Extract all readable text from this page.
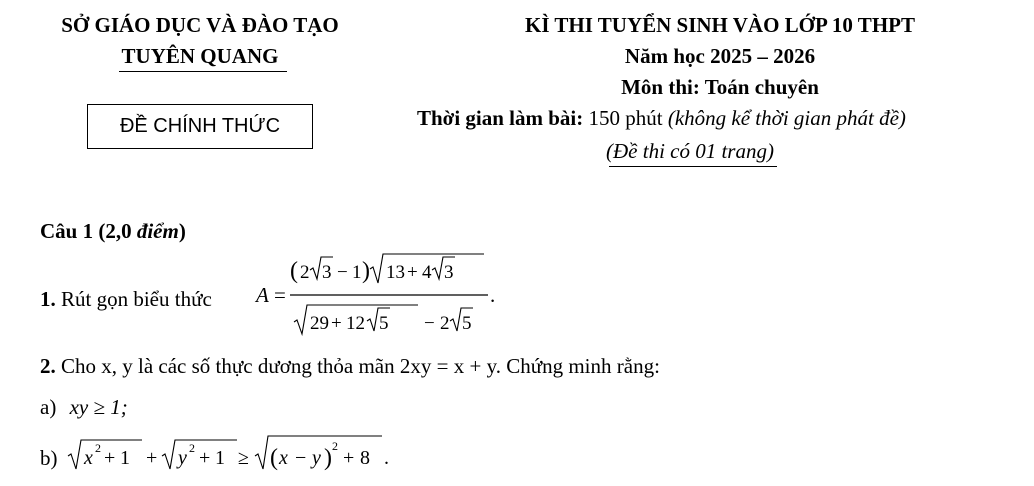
SỞ GIÁO DỤC VÀ ĐÀO TẠO
TUYÊN QUANG
ĐỀ CHÍNH THỨC
KÌ THI TUYỂN SINH VÀO LỚP 10 THPT
Năm học 2025 – 2026
Môn thi: Toán chuyên
Thời gian làm bài: 150 phút (không kể thời gian phát đề)
(Đề thi có 01 trang)
Câu 1 (2,0 điểm)
1. Rút gọn biểu thức A =
( 2 3 − 1 ) 13 + 4 3
29 + 12 5 − 2 5
.
2. Cho x, y là các số thực dương thỏa mãn 2xy = x + y. Chứng minh rằng:
a) xy ≥ 1;
b) x 2 + 1 + y 2 + 1 ≥ ( x − y ) 2
+ 8 .
